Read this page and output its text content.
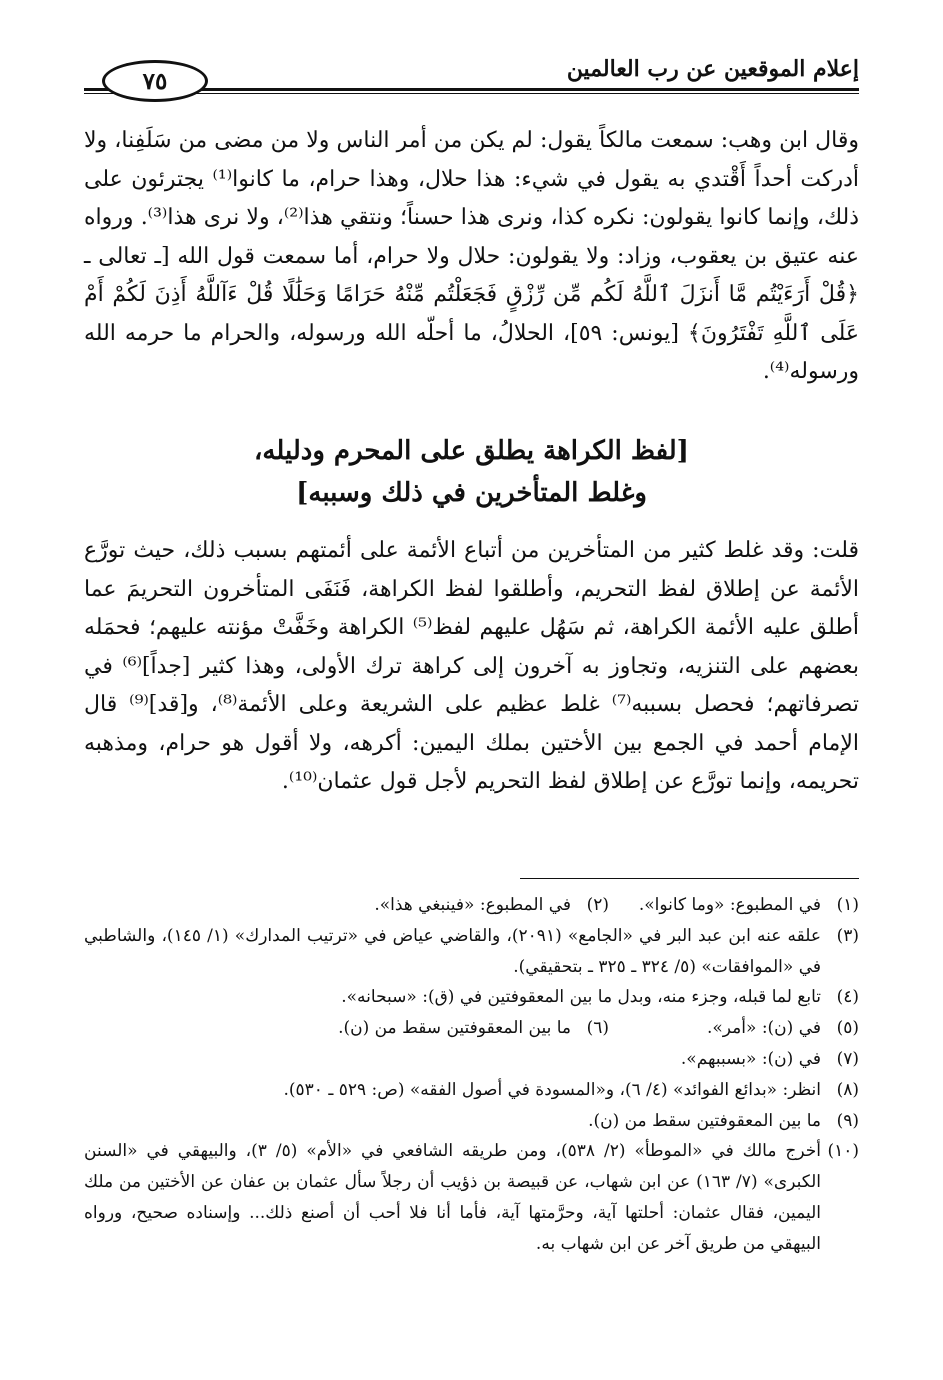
إعلام الموقعين عن رب العالمين
٧٥
وقال ابن وهب: سمعت مالكاً يقول: لم يكن من أمر الناس ولا من مضى من سَلَفِنا، ولا أدركت أحداً أَقْتدي به يقول في شيء: هذا حلال، وهذا حرام، ما كانوا⁽¹⁾ يجترئون على ذلك، وإنما كانوا يقولون: نكره كذا، ونرى هذا حسناً؛ ونتقي هذا⁽²⁾، ولا نرى هذا⁽³⁾. ورواه عنه عتيق بن يعقوب، وزاد: ولا يقولون: حلال ولا حرام، أما سمعت قول الله [ـ تعالى ـ ﴿قُلْ أَرَءَيْتُم مَّا أَنزَلَ ٱللَّهُ لَكُم مِّن رِّزْقٍ فَجَعَلْتُم مِّنْهُ حَرَامًا وَحَلَٰلًا قُلْ ءَآللَّهُ أَذِنَ لَكُمْ أَمْ عَلَى ٱللَّهِ تَفْتَرُونَ﴾ [يونس: ٥٩]، الحلالُ، ما أحلّه الله ورسوله، والحرام ما حرمه الله ورسوله⁽⁴⁾.
[لفظ الكراهة يطلق على المحرم ودليله،
وغلط المتأخرين في ذلك وسببه]
قلت: وقد غلط كثير من المتأخرين من أتباع الأئمة على أئمتهم بسبب ذلك، حيث تورَّع الأئمة عن إطلاق لفظ التحريم، وأطلقوا لفظ الكراهة، فَنَفَى المتأخرون التحريمَ عما أطلق عليه الأئمة الكراهة، ثم سَهُل عليهم لفظ⁽⁵⁾ الكراهة وخَفَّتْ مؤنته عليهم؛ فحمَله بعضهم على التنزيه، وتجاوز به آخرون إلى كراهة ترك الأولى، وهذا كثير [جداً]⁽⁶⁾ في تصرفاتهم؛ فحصل بسببه⁽⁷⁾ غلط عظيم على الشريعة وعلى الأئمة⁽⁸⁾، و[قد]⁽⁹⁾ قال الإمام أحمد في الجمع بين الأختين بملك اليمين: أكرهه، ولا أقول هو حرام، ومذهبه تحريمه، وإنما تورَّع عن إطلاق لفظ التحريم لأجل قول عثمان⁽¹⁰⁾.
(١)
في المطبوع: «وما كانوا».
(٢)
في المطبوع: «فينبغي هذا».
(٣)
علقه عنه ابن عبد البر في «الجامع» (٢٠٩١)، والقاضي عياض في «ترتيب المدارك» (١/ ١٤٥)، والشاطبي في «الموافقات» (٥/ ٣٢٤ ـ ٣٢٥ ـ بتحقيقي).
(٤)
تابع لما قبله، وجزء منه، وبدل ما بين المعقوفتين في (ق): «سبحانه».
(٥)
في (ن): «أمر».
(٦)
ما بين المعقوفتين سقط من (ن).
(٧)
في (ن): «بسببهم».
(٨)
انظر: «بدائع الفوائد» (٤/ ٦)، و«المسودة في أصول الفقه» (ص: ٥٢٩ ـ ٥٣٠).
(٩)
ما بين المعقوفتين سقط من (ن).
(١٠)
أخرج مالك في «الموطأ» (٢/ ٥٣٨)، ومن طريقه الشافعي في «الأم» (٥/ ٣)، والبيهقي في «السنن الكبرى» (٧/ ١٦٣) عن ابن شهاب، عن قبيصة بن ذؤيب أن رجلاً سأل عثمان بن عفان عن الأختين من ملك اليمين، فقال عثمان: أحلتها آية، وحرَّمتها آية، فأما أنا فلا أحب أن أصنع ذلك... وإسناده صحيح، ورواه البيهقي من طريق آخر عن ابن شهاب به.
